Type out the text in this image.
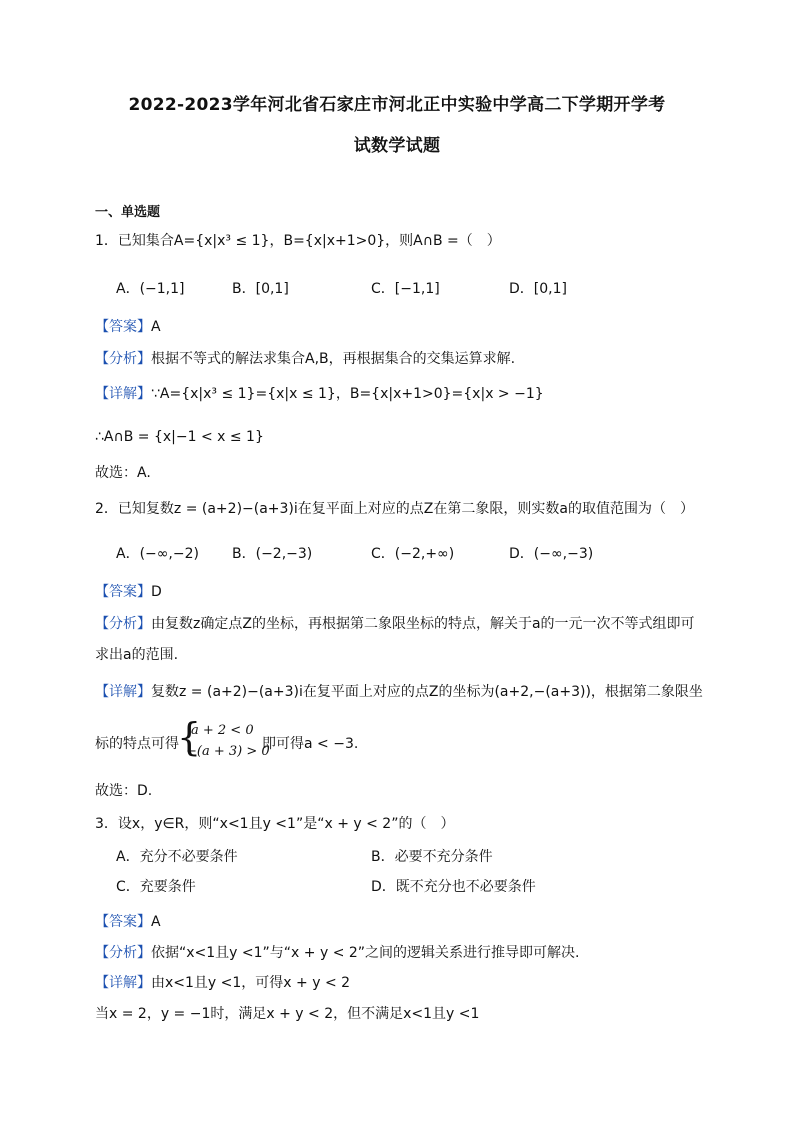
2022-2023学年河北省石家庄市河北正中实验中学高二下学期开学考
试数学试题
一、单选题
1．已知集合A={x|x³ ≤ 1}，B={x|x+1>0}，则A∩B =（　）
A．(−1,1]	B．[0,1]	C．[−1,1]	D．[0,1]
【答案】A
【分析】根据不等式的解法求集合A,B，再根据集合的交集运算求解.
【详解】∵A={x|x³ ≤ 1}={x|x ≤ 1}，B={x|x+1>0}={x|x > −1}
∴A∩B = {x|−1 < x ≤ 1}
故选：A.
2．已知复数z = (a+2)−(a+3)i在复平面上对应的点Z在第二象限，则实数a的取值范围为（　）
A．(−∞,−2) B．(−2,−3)	C．(−2,+∞)	D．(−∞,−3)
【答案】D
【分析】由复数z确定点Z的坐标，再根据第二象限坐标的特点，解关于a的一元一次不等式组即可
求出a的范围.
【详解】复数z = (a+2)−(a+3)i在复平面上对应的点Z的坐标为(a+2,−(a+3))，根据第二象限坐
标的特点可得
{
a + 2 < 0
−(a + 3) > 0
即可得a < −3.
故选：D.
3．设x，y∈R，则“x<1且y <1”是“x + y < 2”的（　）
A．充分不必要条件	B．必要不充分条件
C．充要条件	D．既不充分也不必要条件
【答案】A
【分析】依据“x<1且y <1”与“x + y < 2”之间的逻辑关系进行推导即可解决.
【详解】由x<1且y <1，可得x + y < 2
当x = 2，y = −1时，满足x + y < 2，但不满足x<1且y <1
